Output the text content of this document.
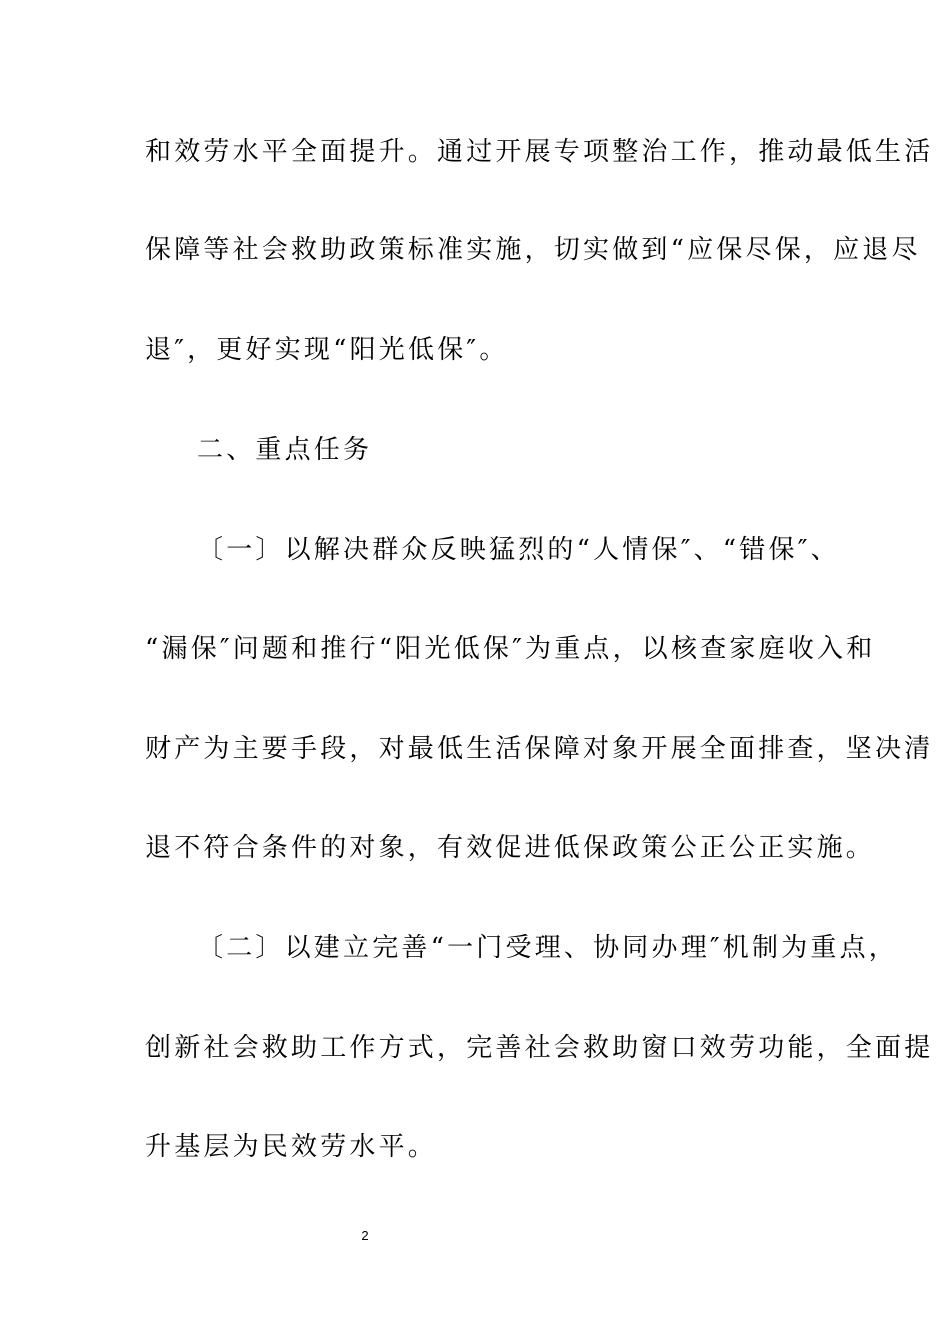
和效劳水平全面提升。通过开展专项整治工作，推动最低生活
保障等社会救助政策标准实施，切实做到“应保尽保，应退尽
退″，更好实现“阳光低保″。
二、重点任务
〔一〕以解决群众反映猛烈的“人情保″、“错保″、
“漏保″问题和推行“阳光低保″为重点，以核查家庭收入和
财产为主要手段，对最低生活保障对象开展全面排查，坚决清
退不符合条件的对象，有效促进低保政策公正公正实施。
〔二〕以建立完善“一门受理、协同办理″机制为重点，
创新社会救助工作方式，完善社会救助窗口效劳功能，全面提
升基层为民效劳水平。
2
